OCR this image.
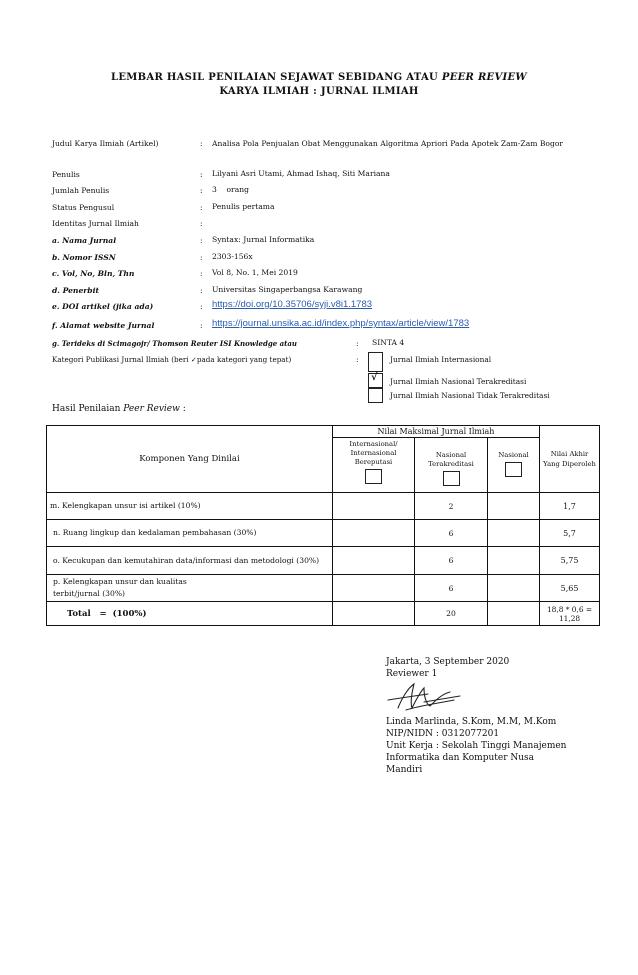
LEMBAR HASIL PENILAIAN SEJAWAT SEBIDANG ATAU PEER REVIEW
KARYA ILMIAH : JURNAL ILMIAH
Judul Karya Ilmiah (Artikel)	: Analisa Pola Penjualan Obat Menggunakan Algoritma Apriori Pada Apotek Zam-Zam Bogor
Penulis	: Lilyani Asri Utami, Ahmad Ishaq, Siti Mariana
Jumlah Penulis	: 3    orang
Status Pengusul	: Penulis pertama
Identitas Jurnal Ilmiah	:
a. Nama Jurnal	: Syntax: Jurnal Informatika
b. Nomor ISSN	: 2303-156x
c. Vol, No, Bln, Thn	: Vol 8, No. 1, Mei 2019
d. Penerbit	: Universitas Singaperbangsa Karawang
e. DOI artikel (jika ada)	: https://doi.org/10.35706/syji.v8i1.1783
f. Alamat website Jurnal	: https://journal.unsika.ac.id/index.php/syntax/article/view/1783
g. Terideks di Scimagojr/ Thomson Reuter ISI Knowledge atau	: SINTA 4
Kategori Publikasi Jurnal Ilmiah (beri ✓pada kategori yang tepat)	:	Jurnal Ilmiah Internasional
√ Jurnal Ilmiah Nasional Terakreditasi
Jurnal Ilmiah Nasional Tidak Terakreditasi
Hasil Penilaian Peer Review :
Komponen Yang Dinilai	Nilai Maksimal Jurnal Ilmiah			Nilai Akhir Yang Diperoleh

	Internasional/ Internasional Bereputasi	Nasional Terakreditasi	Nasional	

m. Kelengkapan unsur isi artikel (10%)		2		1,7
n. Ruang lingkup dan kedalaman pembahasan (30%)		6		5,7
o. Kecukupan dan kemutahiran data/informasi dan metodologi (30%)		6		5,75
p. Kelengkapan unsur dan kualitas terbit/jurnal (30%)		6		5,65
Total   =  (100%)		20		18,8 * 0,6 = 11,28
Jakarta, 3 September 2020
Reviewer 1
Linda Marlinda, S.Kom, M.M, M.Kom
NIP/NIDN : 0312077201
Unit Kerja : Sekolah Tinggi Manajemen
Informatika dan Komputer Nusa
Mandiri
